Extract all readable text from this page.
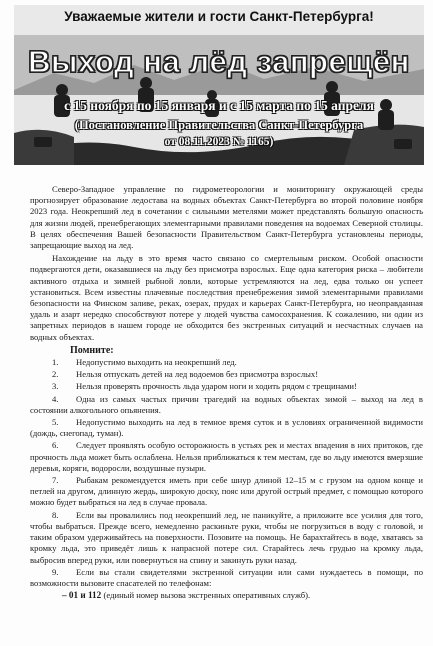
Уважаемые жители и гости Санкт-Петербурга!
Выход на лёд запрещён
с 15 ноября по 15 января и с 15 марта по 15 апреля
(Постановление Правительства Санкт-Петербурга
от 08.11.2023 № 1165)

Северо-Западное управление по гидрометеорологии и мониторингу окружающей среды прогнозирует образование ледостава на водных объектах Санкт-Петербурга во второй половине ноября 2023 года. Неокрепший лед в сочетании с сильными метелями может представлять большую опасность для жизни людей, пренебрегающих элементарными правилами поведения на водоемах Северной столицы. В целях обеспечения Вашей безопасности Правительством Санкт-Петербурга установлены периоды, запрещающие выход на лед.

Нахождение на льду в это время часто связано со смертельным риском. Особой опасности подвергаются дети, оказавшиеся на льду без присмотра взрослых. Еще одна категория риска – любители активного отдыха и зимней рыбной ловли, которые устремляются на лед, едва только он успеет установиться. Всем известны плачевные последствия пренебрежения зимой элементарными правилами безопасности на Финском заливе, реках, озерах, прудах и карьерах Санкт-Петербурга, но неоправданная удаль и азарт нередко способствуют потере у людей чувства самосохранения. К сожалению, ни один из запретных периодов в нашем городе не обходится без экстренных ситуаций и несчастных случаев на водных объектах.

Помните:
1. Недопустимо выходить на неокрепший лед.
2. Нельзя отпускать детей на лед водоемов без присмотра взрослых!
3. Нельзя проверять прочность льда ударом ноги и ходить рядом с трещинами!
4. Одна из самых частых причин трагедий на водных объектах зимой – выход на лед в состоянии алкогольного опьянения.
5. Недопустимо выходить на лед в темное время суток и в условиях ограниченной видимости (дождь, снегопад, туман).
6. Следует проявлять особую осторожность в устьях рек и местах впадения в них притоков, где прочность льда может быть ослаблена. Нельзя приближаться к тем местам, где во льду имеются вмерзшие деревья, коряги, водоросли, воздушные пузыри.
7. Рыбакам рекомендуется иметь при себе шнур длиной 12–15 м с грузом на одном конце и петлей на другом, длинную жердь, широкую доску, пояс или другой острый предмет, с помощью которого можно будет выбраться на лед в случае провала.
8. Если вы провалились под неокрепший лед, не паникуйте, а приложите все усилия для того, чтобы выбраться. Прежде всего, немедленно раскиньте руки, чтобы не погрузиться в воду с головой, и таким образом удерживайтесь на поверхности. Позовите на помощь. Не барахтайтесь в воде, хватаясь за кромку льда, это приведёт лишь к напрасной потере сил. Старайтесь лечь грудью на кромку льда, выбросив вперед руки, или повернуться на спину и закинуть руки назад.
9. Если вы стали свидетелями экстренной ситуации или сами нуждаетесь в помощи, по возможности вызовите спасателей по телефонам:
– 01 и 112 (единый номер вызова экстренных оперативных служб).
